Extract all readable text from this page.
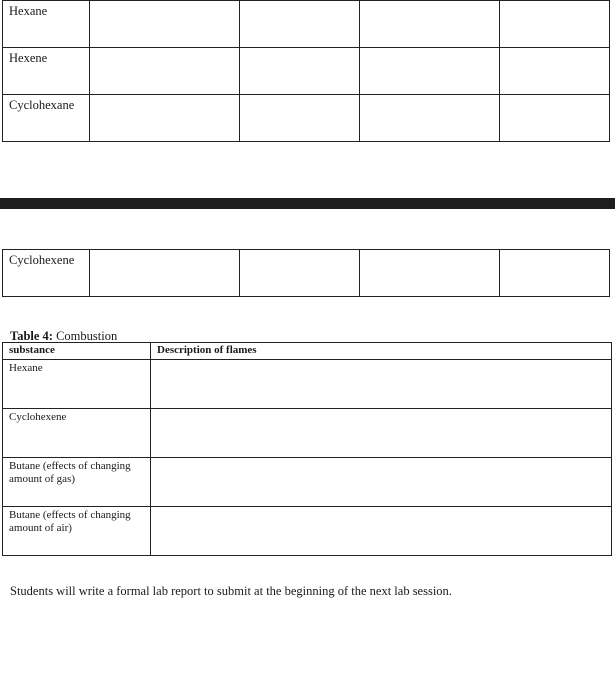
Hexane				
Hexene				
Cyclohexane				
Cyclohexene				
Table 4: Combustion
substance	Description of flames
Hexane	
Cyclohexene	
Butane (effects of changing amount of gas)	
Butane (effects of changing amount of air)	
Students will write a formal lab report to submit at the beginning of the next lab session.
